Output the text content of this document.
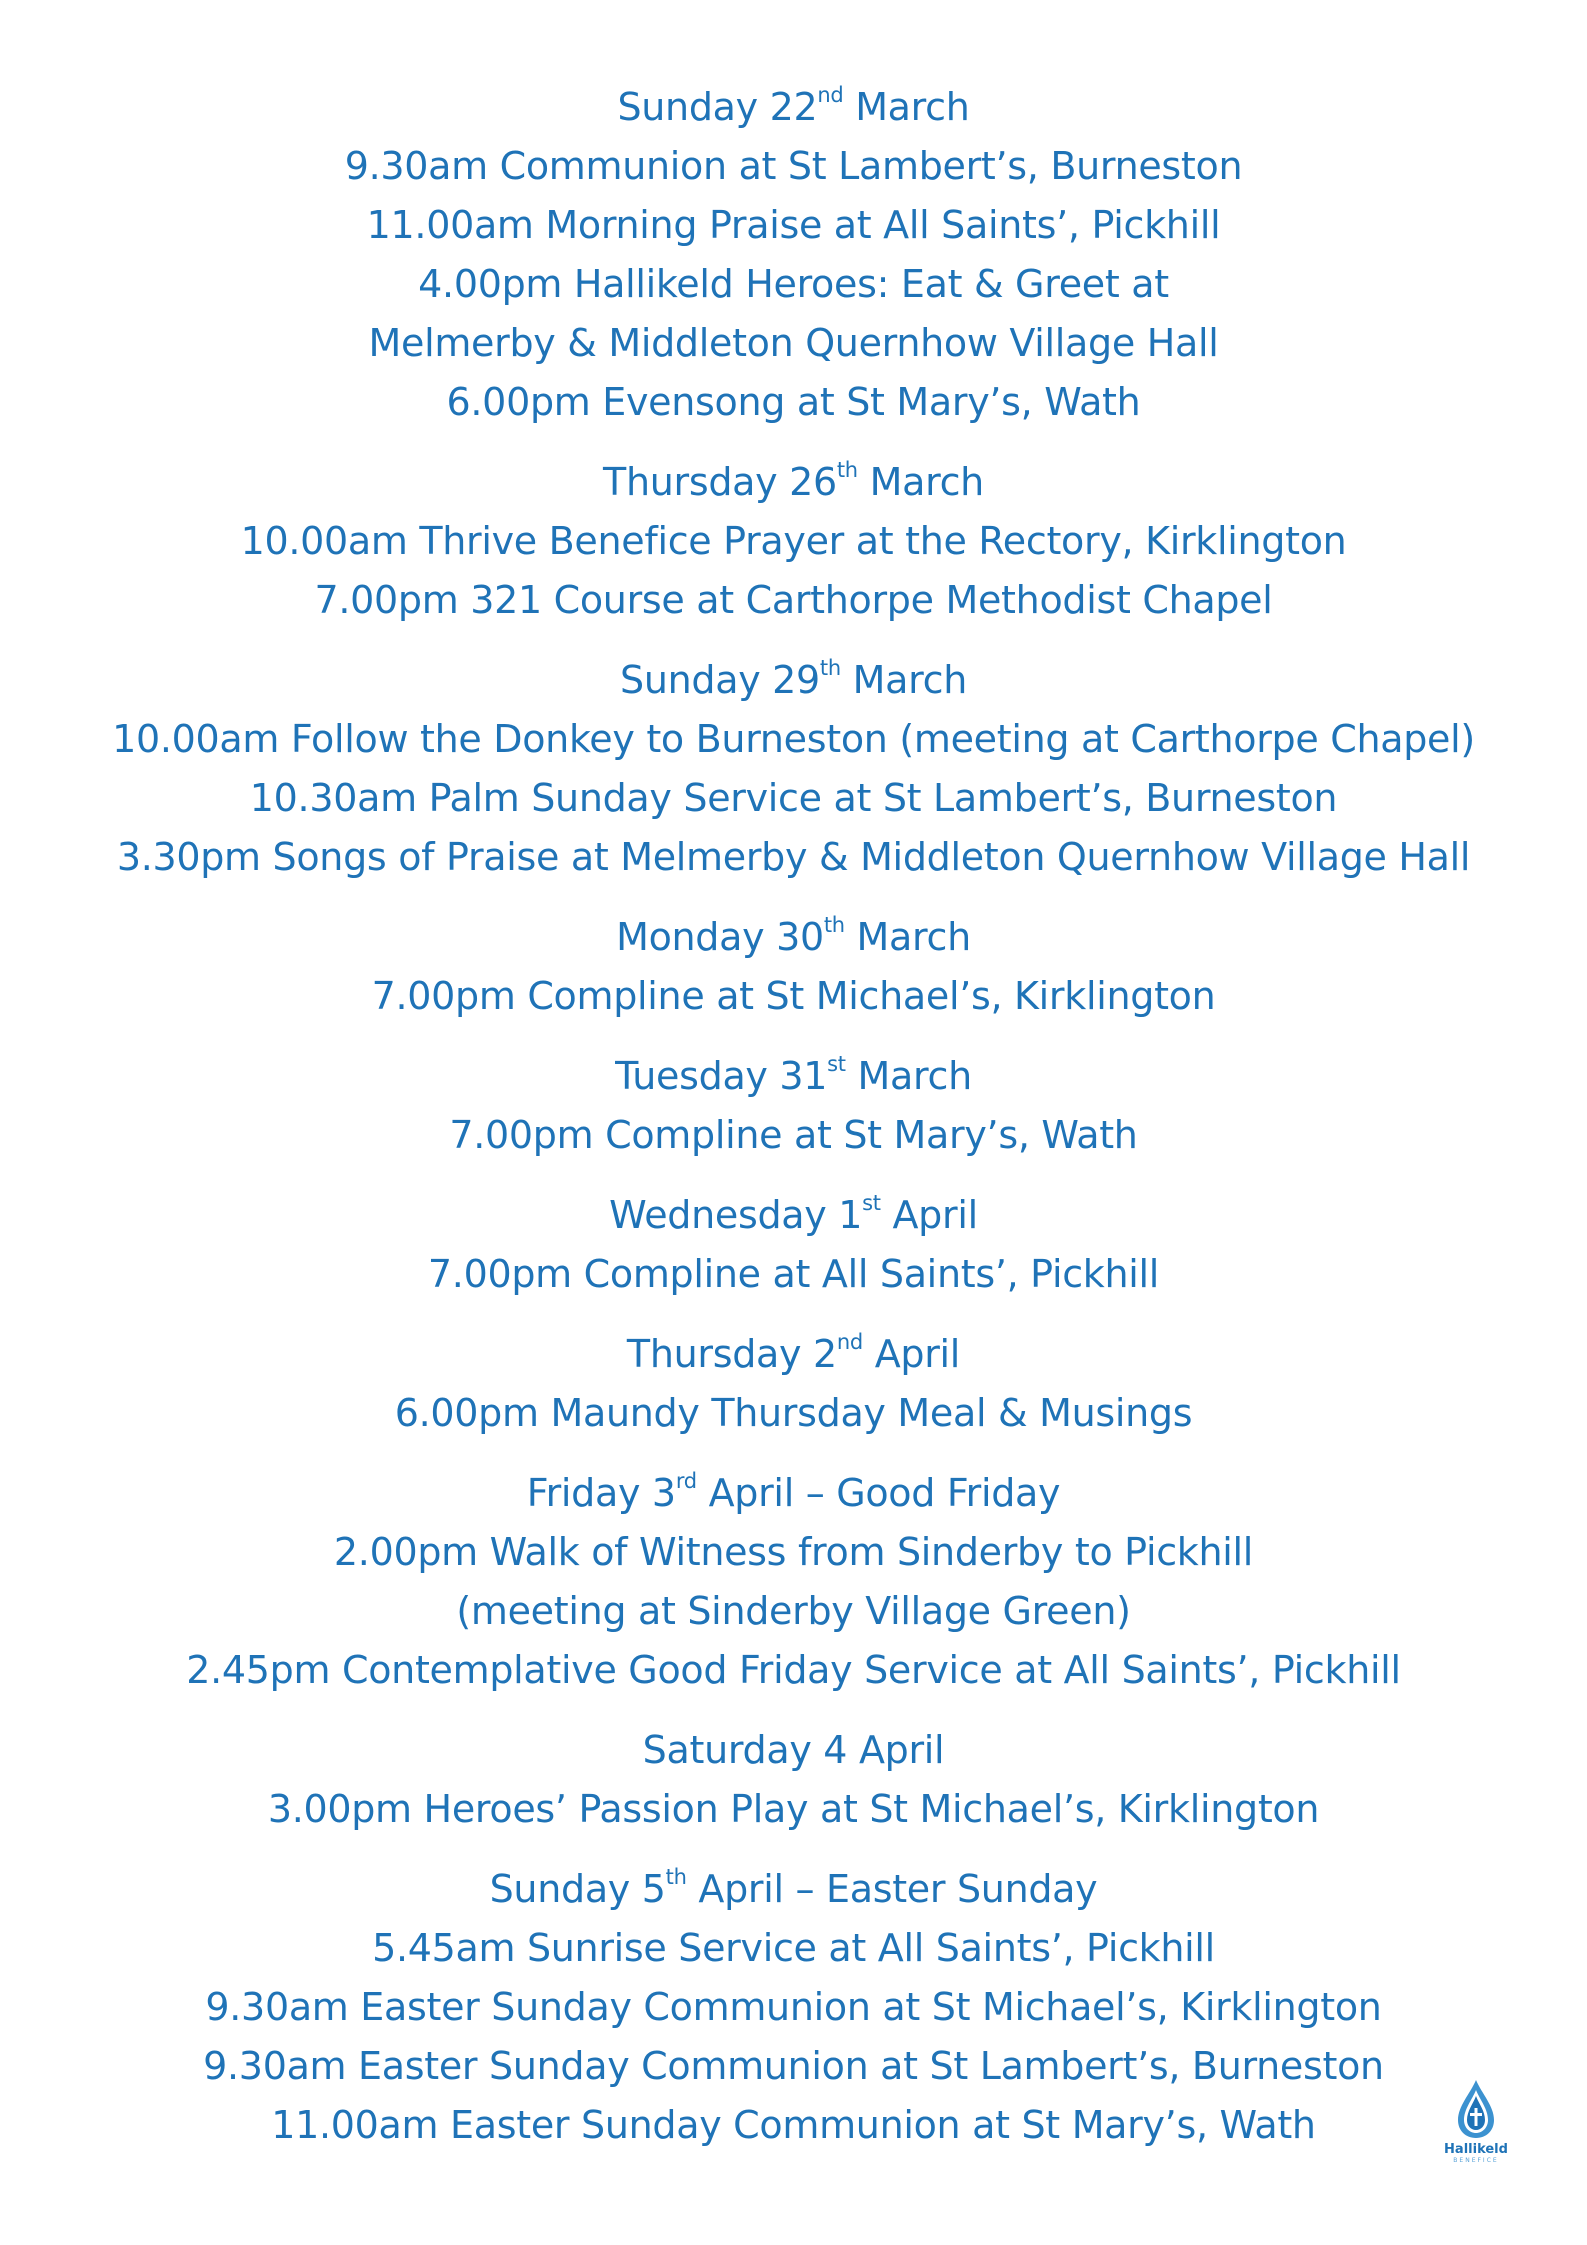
Sunday 22nd March
9.30am Communion at St Lambert’s, Burneston
11.00am Morning Praise at All Saints’, Pickhill
4.00pm Hallikeld Heroes: Eat & Greet at
Melmerby & Middleton Quernhow Village Hall
6.00pm Evensong at St Mary’s, Wath
Thursday 26th March
10.00am Thrive Benefice Prayer at the Rectory, Kirklington
7.00pm 321 Course at Carthorpe Methodist Chapel
Sunday 29th March
10.00am Follow the Donkey to Burneston (meeting at Carthorpe Chapel)
10.30am Palm Sunday Service at St Lambert’s, Burneston
3.30pm Songs of Praise at Melmerby & Middleton Quernhow Village Hall
Monday 30th March
7.00pm Compline at St Michael’s, Kirklington
Tuesday 31st March
7.00pm Compline at St Mary’s, Wath
Wednesday 1st April
7.00pm Compline at All Saints’, Pickhill
Thursday 2nd April
6.00pm Maundy Thursday Meal & Musings
Friday 3rd April – Good Friday
2.00pm Walk of Witness from Sinderby to Pickhill
(meeting at Sinderby Village Green)
2.45pm Contemplative Good Friday Service at All Saints’, Pickhill
Saturday 4 April
3.00pm Heroes’ Passion Play at St Michael’s, Kirklington
Sunday 5th April – Easter Sunday
5.45am Sunrise Service at All Saints’, Pickhill
9.30am Easter Sunday Communion at St Michael’s, Kirklington
9.30am Easter Sunday Communion at St Lambert’s, Burneston
11.00am Easter Sunday Communion at St Mary’s, Wath
Hallikeld
BENEFICE
